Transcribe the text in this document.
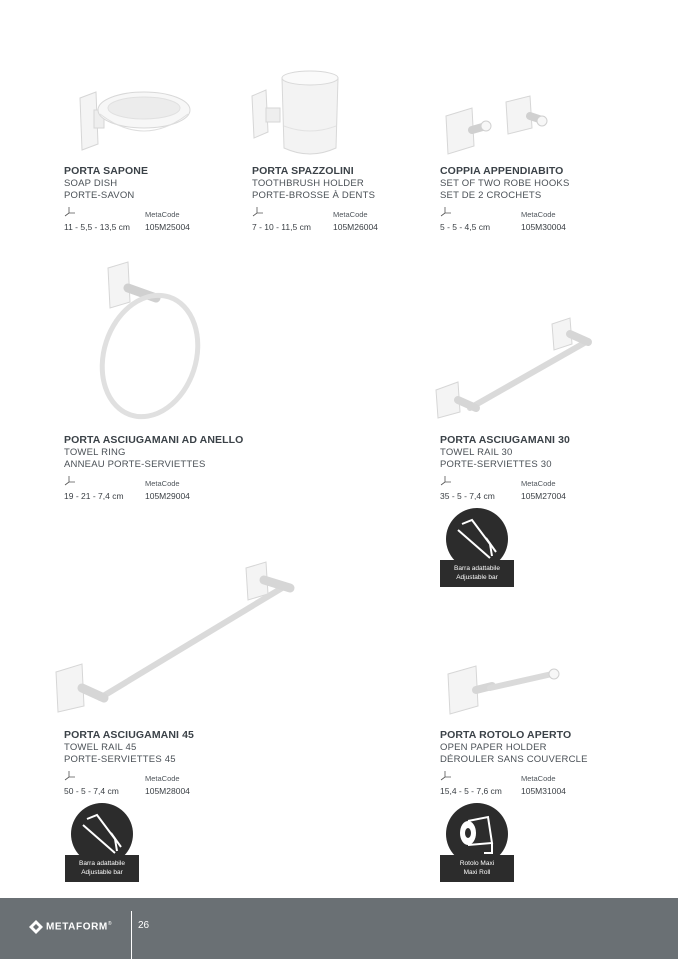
PORTA SAPONE
SOAP DISH
PORTE-SAVON
MetaCode
11 - 5,5 - 13,5 cm 105M25004
PORTA SPAZZOLINI
TOOTHBRUSH HOLDER
PORTE-BROSSE À DENTS
MetaCode
7 - 10 - 11,5 cm	105M26004
COPPIA APPENDIABITO
SET OF TWO ROBE HOOKS
SET DE 2 CROCHETS
MetaCode
5 - 5 - 4,5 cm	105M30004
PORTA ASCIUGAMANI AD ANELLO
TOWEL RING
ANNEAU PORTE-SERVIETTES
MetaCode
19 - 21 - 7,4 cm	105M29004
PORTA ASCIUGAMANI 30
TOWEL RAIL 30
PORTE-SERVIETTES 30
MetaCode
35 - 5 - 7,4 cm	105M27004
Barra adattabile
Adjustable bar
PORTA ASCIUGAMANI 45
TOWEL RAIL 45
PORTE-SERVIETTES 45
MetaCode
50 - 5 - 7,4 cm	105M28004
Barra adattabile
Adjustable bar
PORTA ROTOLO APERTO
OPEN PAPER HOLDER
DÉROULER SANS COUVERCLE
MetaCode
15,4 - 5 - 7,6 cm 105M31004
Rotolo Maxi
Maxi Roll
METAFORM®	26
